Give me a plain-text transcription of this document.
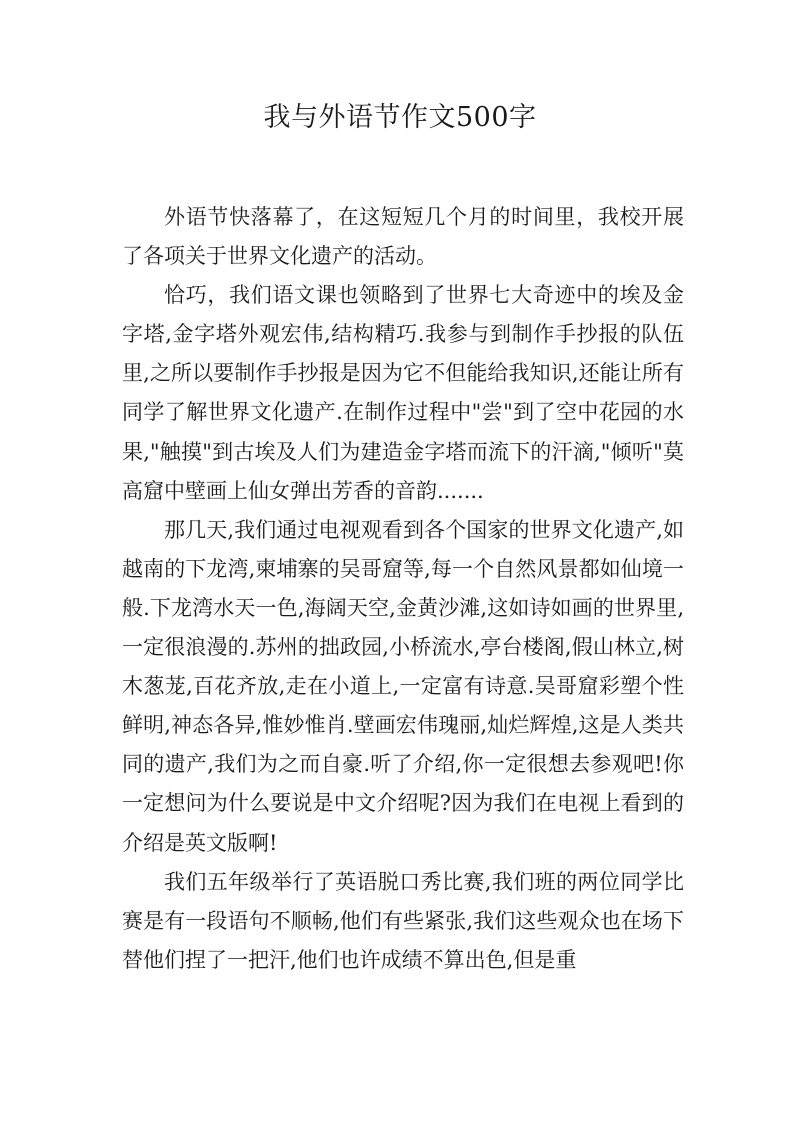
我与外语节作文500字

外语节快落幕了，在这短短几个月的时间里，我校开展了各项关于世界文化遗产的活动。

恰巧，我们语文课也领略到了世界七大奇迹中的埃及金字塔,金字塔外观宏伟,结构精巧.我参与到制作手抄报的队伍里,之所以要制作手抄报是因为它不但能给我知识,还能让所有同学了解世界文化遗产.在制作过程中"尝"到了空中花园的水果,"触摸"到古埃及人们为建造金字塔而流下的汗滴,"倾听"莫高窟中壁画上仙女弹出芳香的音韵.......

那几天,我们通过电视观看到各个国家的世界文化遗产,如越南的下龙湾,柬埔寨的吴哥窟等,每一个自然风景都如仙境一般.下龙湾水天一色,海阔天空,金黄沙滩,这如诗如画的世界里,一定很浪漫的.苏州的拙政园,小桥流水,亭台楼阁,假山林立,树木葱茏,百花齐放,走在小道上,一定富有诗意.吴哥窟彩塑个性鲜明,神态各异,惟妙惟肖.壁画宏伟瑰丽,灿烂辉煌,这是人类共同的遗产,我们为之而自豪.听了介绍,你一定很想去参观吧!你一定想问为什么要说是中文介绍呢?因为我们在电视上看到的介绍是英文版啊!

我们五年级举行了英语脱口秀比赛,我们班的两位同学比赛是有一段语句不顺畅,他们有些紧张,我们这些观众也在场下替他们捏了一把汗,他们也许成绩不算出色,但是重
